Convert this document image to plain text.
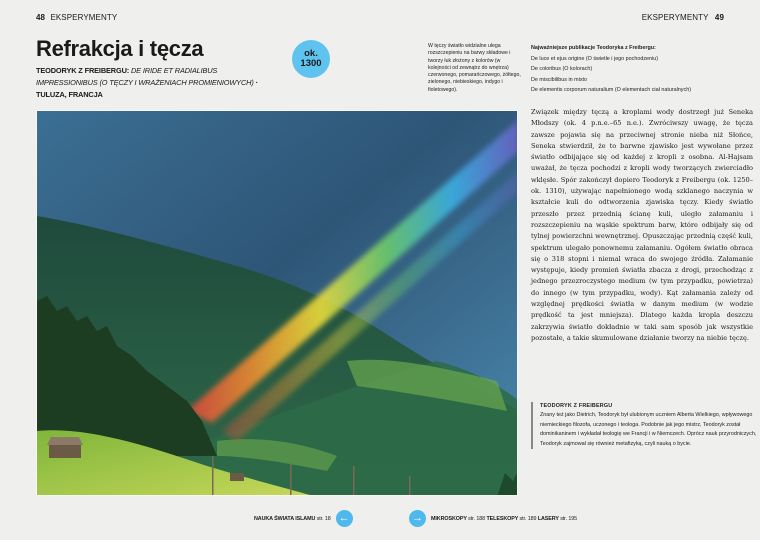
48 EKSPERYMENTY	EKSPERYMENTY 49
Refrakcja i tęcza
TEODORYK Z FREIBERGU: DE IRIDE ET RADIALIBUS IMPRESSIONIBUS (O TĘCZY I WRAŻENIACH PROMIENIOWYCH) · TULUZA, FRANCJA
ok.
1300
W tęczy światło widzialne ulega rozszczepieniu na barwy składowe i tworzy łuk złożony z kolorów (w kolejności od zewnątrz do wnętrza) czerwonego, pomarańczowego, żółtego, zielonego, niebieskiego, indygo i fioletowego).
Najważniejsze publikacje Teodoryka z Freibergu:
De luce et ejus origine (O świetle i jego pochodzeniu)
De coloribus (O kolorach)
De miscibilibus in mixto
De elementis corporum naturalium (O elementach ciał naturalnych)
Związek między tęczą a kroplami wody dostrzegł już Seneka Młodszy (ok. 4 p.n.e.–65 n.e.). Zwróciwszy uwagę, że tęcza zawsze pojawia się na przeciwnej stronie nieba niż Słońce, Seneka stwierdził, że to barwne zjawisko jest wywołane przez światło odbijające się od każdej z kropli z osobna. Al-Hajsam uważał, że tęcza pochodzi z kropli wody tworzących zwierciadło wklęsłe. Spór zakończył dopiero Teodoryk z Freibergu (ok. 1250–ok. 1310), używając napełnionego wodą szklanego naczynia w kształcie kuli do odtworzenia zjawiska tęczy. Kiedy światło przeszło przez przednią ścianę kuli, uległo załamaniu i rozszczepieniu na wąskie spektrum barw, które odbijały się od tylnej powierzchni wewnętrznej. Opuszczając przednią część kuli, spektrum ulegało ponownemu załamaniu. Ogółem światło obraca się o 318 stopni i niemal wraca do swojego źródła. Załamanie występuje, kiedy promień światła zbacza z drogi, przechodząc z jednego przezroczystego medium (w tym przypadku, powietrza) do innego (w tym przypadku, wody). Kąt załamania zależy od względnej prędkości światła w danym medium (w wodzie prędkość ta jest mniejsza). Dlatego każda kropla deszczu zakrzywia światło dokładnie w taki sam sposób jak wszystkie pozostałe, a takie skumulowane działanie tworzy na niebie tęczę.
TEODORYK Z FREIBERGU
Znany też jako Dietrich, Teodoryk był ulubionym uczniem Alberta Wielkiego, wpływowego niemieckiego filozofa, uczonego i teologa. Podobnie jak jego mistrz, Teodoryk został dominikaninem i wykładał teologię we Francji i w Niemczech. Oprócz nauk przyrodniczych, Teodoryk zajmował się również metafizyką, czyli nauką o bycie.
NAUKA ŚWIATA ISLAMU str. 18 ←	→	MIKROSKOPY str. 188 TELESKOPY str. 189 LASERY str. 195
